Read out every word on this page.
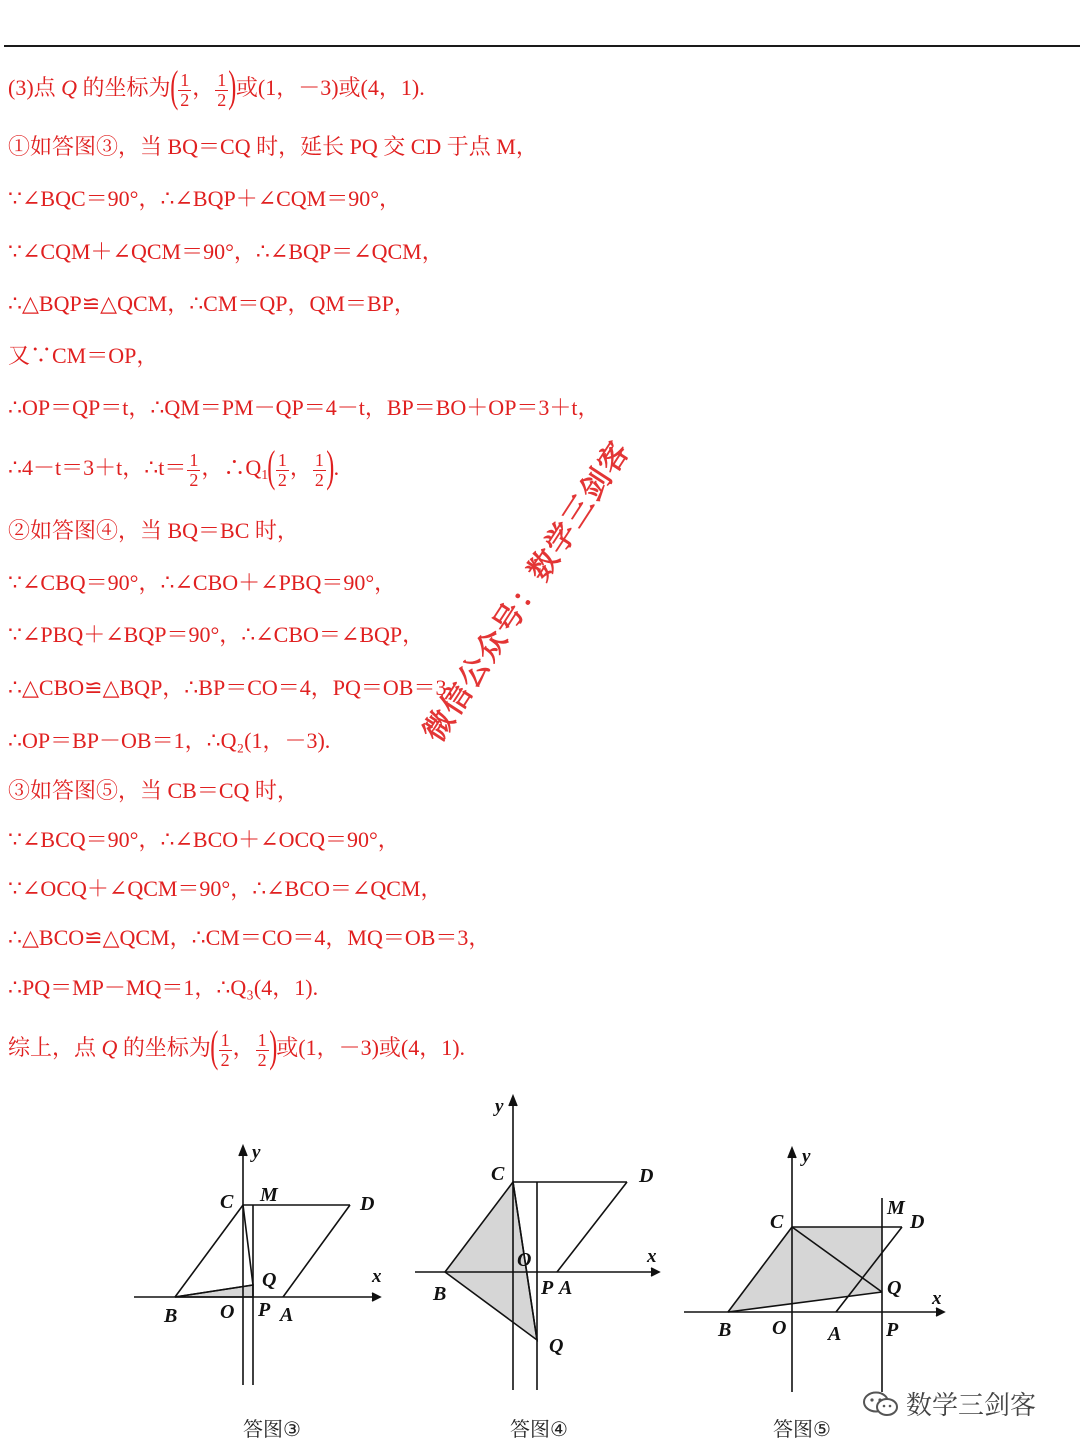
(3)点 Q 的坐标为( $\frac{1}{2}$ ， $\frac{1}{2}$ )或(1，－3)或(4，1).
①如答图③，当 BQ＝CQ 时，延长 PQ 交 CD 于点 M，
∵∠BQC＝90°，∴∠BQP＋∠CQM＝90°，
∵∠CQM＋∠QCM＝90°，∴∠BQP＝∠QCM，
∴△BQP≌△QCM，∴CM＝QP，QM＝BP，
又∵CM＝OP，
∴OP＝QP＝t，∴QM＝PM－QP＝4－t，BP＝BO＋OP＝3＋t，
∴4－t＝3＋t，∴t＝ $\frac{1}{2}$ ，$\therefore Q_1( \frac{1}{2}$ ， $\frac{1}{2}$ ).
②如答图④，当 BQ＝BC 时，
∵∠CBQ＝90°，∴∠CBO＋∠PBQ＝90°，
∵∠PBQ＋∠BQP＝90°，∴∠CBO＝∠BQP，
∴△CBO≌△BQP，∴BP＝CO＝4，PQ＝OB＝3，
∴OP＝BP－OB＝1，∴Q₂(1，－3).
③如答图⑤，当 CB＝CQ 时，
∵∠BCQ＝90°，∴∠BCO＋∠OCQ＝90°，
∵∠OCQ＋∠QCM＝90°，∴∠BCO＝∠QCM，
∴△BCO≌△QCM，∴CM＝CO＝4，MQ＝OB＝3，
∴PQ＝MP－MQ＝1，∴Q₃(4，1).
综上，点 Q 的坐标为( $\frac{1}{2}$ ， $\frac{1}{2}$ )或(1，－3)或(4，1).
微信公众号：数学三剑客
y
x
C M	D
Q
B O P A
答图③
y
x
C	D
O
B	P A
Q
答图④
y
x
C
M
D
Q
B O A P
答图⑤
数学三剑客
